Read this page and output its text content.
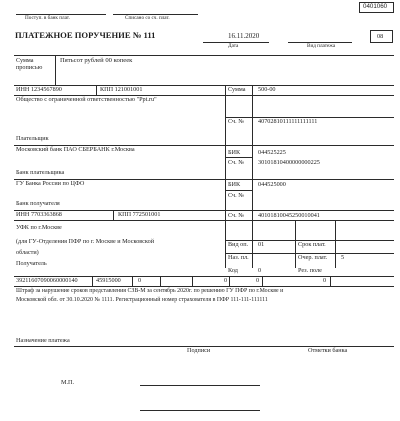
0401060
Поступ. в банк плат.	Списано со сч. плат.
ПЛАТЕЖНОЕ ПОРУЧЕНИЕ № 111	16.11.2020
Дата	Вид платежа
08
Сумма
прописью
Пятьсот рублей 00 копеек
ИНН 1234567890	КПП 121001001
Общество с ограниченной ответственностью "Ppt.ru"
Плательщик
Сумма 500-00
Сч. № 40702810111111111111
Московский банк ПАО СБЕРБАНК г.Москва	БИК	044525225
Сч. № 30101810400000000225
Банк плательщика
ГУ Банка России по ЦФО	БИК	044525000
Сч. №
Банк получателя
ИНН 7703363868	КПП 772501001	Сч. № 40101810045250010041
УФК по г.Москве
(для ГУ-Отделения ПФР по г. Москве и Московской
области)
Получатель
Вид оп. 01	Срок плат.
Наз. пл.	Очер. плат. 5
Код	0	Рез. поле
39211607090060000140	45915000	0	0	0	0
Штраф за нарушение сроков представления СЗВ-М за сентябрь 2020г. по решению ГУ ПФР по г.Москве и
Московской обл. от 30.10.2020 № 1111. Регистрационный номер страхователя в ПФР 111-111-111111
Назначение платежа
Подписи	Отметки банка
М.П.
